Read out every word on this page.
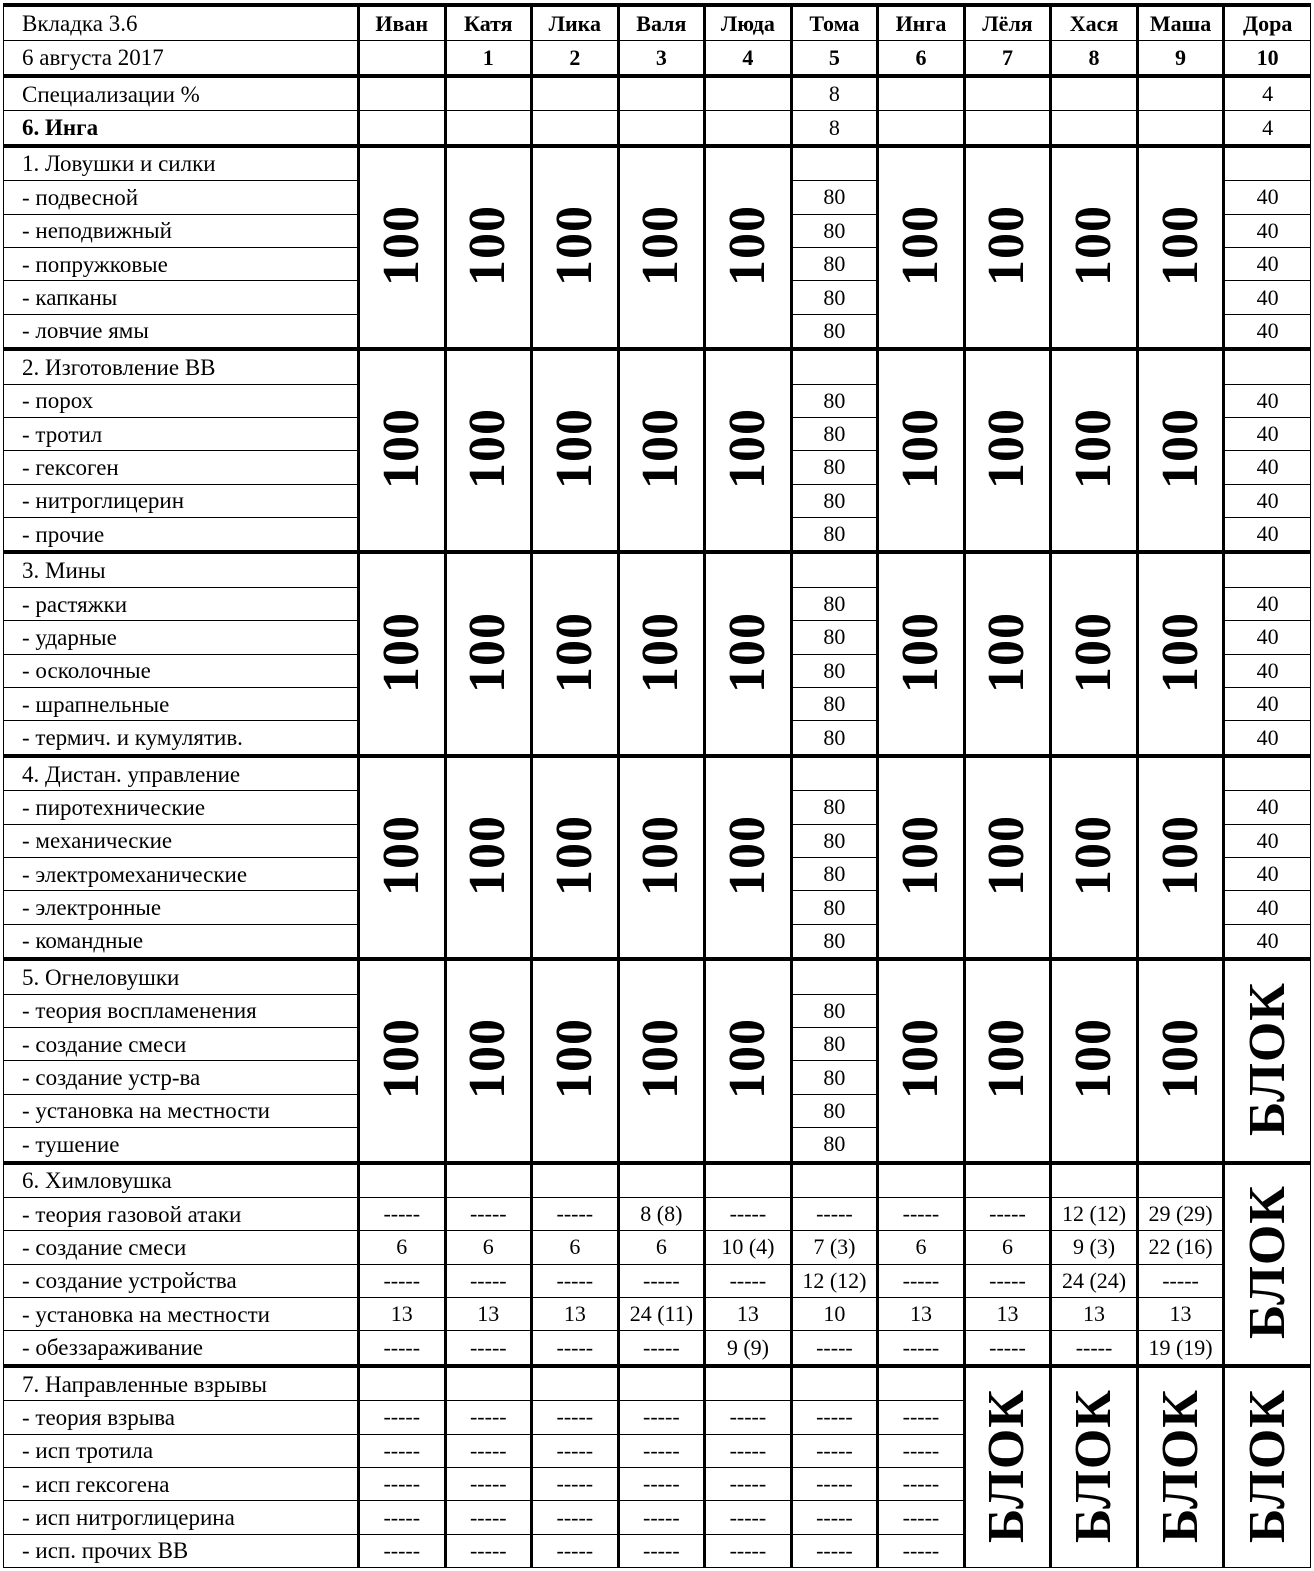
Вкладка 3.6	Иван	Катя	Лика	Валя	Люда	Тома	Инга	Лёля	Хася	Маша	Дора
6 августа 2017		1	2	3	4	5	6	7	8	9	10
Специализации %						8					4
6. Инга						8					4
1. Ловушки и силки	100	100	100	100	100		100	100	100	100	
- подвесной						80					40
- неподвижный						80					40
- попружковые						80					40
- капканы						80					40
- ловчие ямы						80					40
2. Изготовление ВВ	100	100	100	100	100		100	100	100	100	
- порох						80					40
- тротил						80					40
- гексоген						80					40
- нитроглицерин						80					40
- прочие						80					40
3. Мины	100	100	100	100	100		100	100	100	100	
- растяжки						80					40
- ударные						80					40
- осколочные						80					40
- шрапнельные						80					40
- термич. и кумулятив.						80					40
4. Дистан. управление	100	100	100	100	100		100	100	100	100	
- пиротехнические						80					40
- механические						80					40
- электромеханические						80					40
- электронные						80					40
- командные						80					40
5. Огнеловушки	100	100	100	100	100		100	100	100	100	БЛОК
- теория воспламенения						80					
- создание смеси						80					
- создание устр-ва						80					
- установка на местности						80					
- тушение						80					
6. Химловушка											БЛОК
- теория газовой атаки	-----	-----	-----	8 (8)	-----	-----	-----	-----	12 (12)	29 (29)	
- создание смеси	6	6	6	6	10 (4)	7 (3)	6	6	9 (3)	22 (16)	
- создание устройства	-----	-----	-----	-----	-----	12 (12)	-----	-----	24 (24)	-----	
- установка на местности	13	13	13	24 (11)	13	10	13	13	13	13	
- обеззараживание	-----	-----	-----	-----	9 (9)	-----	-----	-----	-----	19 (19)	
7. Направленные взрывы								БЛОК	БЛОК	БЛОК	БЛОК
- теория взрыва	-----	-----	-----	-----	-----	-----	-----				
- исп тротила	-----	-----	-----	-----	-----	-----	-----				
- исп гексогена	-----	-----	-----	-----	-----	-----	-----				
- исп нитроглицерина	-----	-----	-----	-----	-----	-----	-----				
- исп. прочих ВВ	-----	-----	-----	-----	-----	-----	-----				
